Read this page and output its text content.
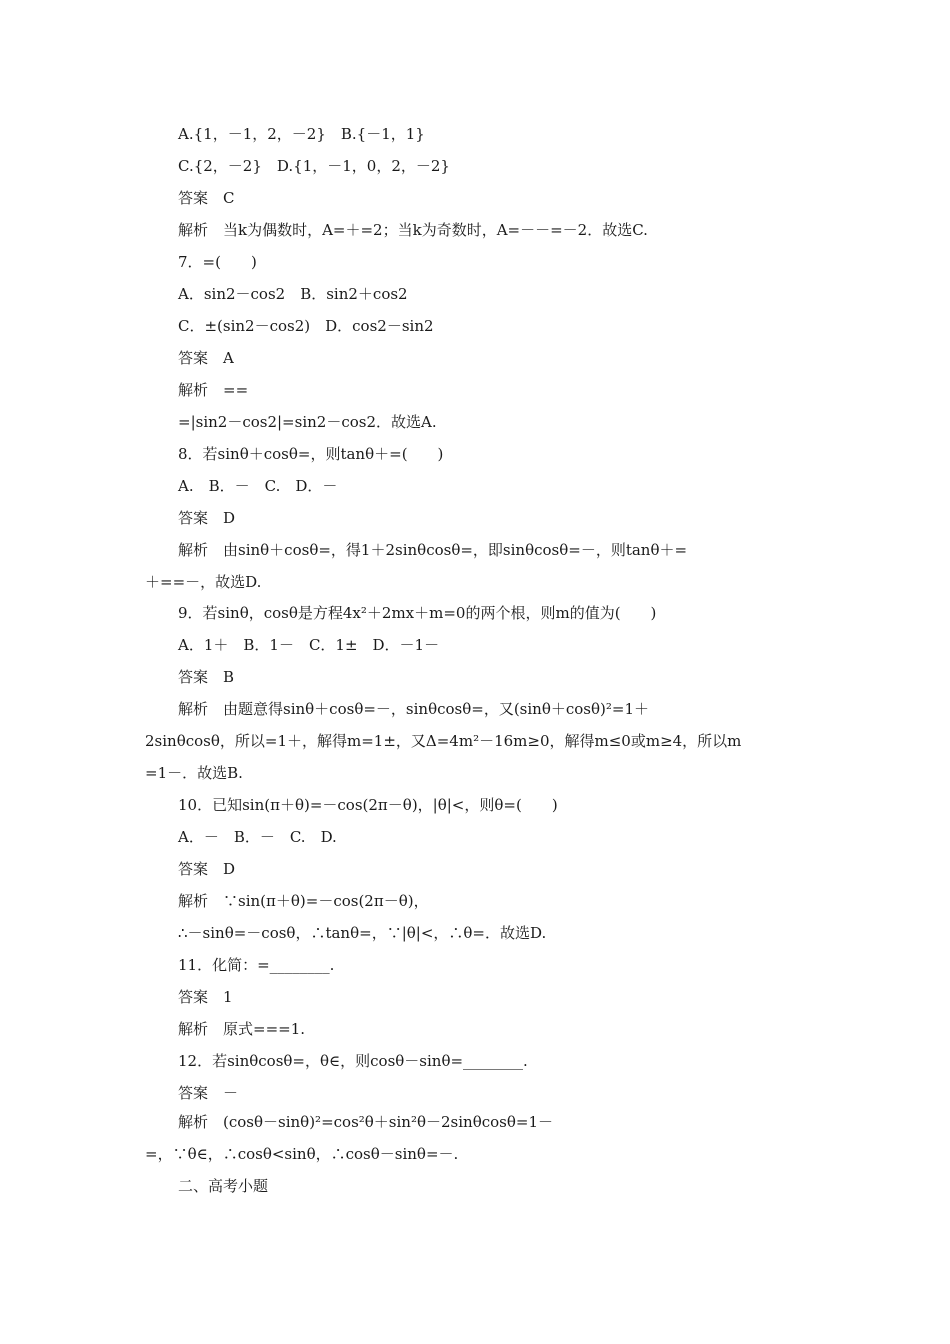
A.{1，－1，2，－2}　B.{－1，1}
C.{2，－2}　D.{1，－1，0，2，－2}
答案　C
解析　当k为偶数时，A=＋=2；当k为奇数时，A=－－=－2．故选C.
7．=(　　)
A．sin2－cos2　B．sin2＋cos2
C．±(sin2－cos2)　D．cos2－sin2
答案　A
解析　==
=|sin2－cos2|=sin2－cos2．故选A.
8．若sinθ＋cosθ=，则tanθ＋=(　　)
A.　B．－　C.　D．－
答案　D
解析　由sinθ＋cosθ=，得1＋2sinθcosθ=，即sinθcosθ=－，则tanθ＋=
＋==－，故选D.
9．若sinθ，cosθ是方程4x²＋2mx＋m=0的两个根，则m的值为(　　)
A．1＋　B．1－　C．1±　D．－1－
答案　B
解析　由题意得sinθ＋cosθ=－，sinθcosθ=，又(sinθ＋cosθ)²=1＋
2sinθcosθ，所以=1＋，解得m=1±，又Δ=4m²－16m≥0，解得m≤0或m≥4，所以m
=1－．故选B.
10．已知sin(π＋θ)=－cos(2π－θ)，|θ|<，则θ=(　　)
A．－　B．－　C.　D.
答案　D
解析　∵sin(π＋θ)=－cos(2π－θ)，
∴－sinθ=－cosθ，∴tanθ=，∵|θ|<，∴θ=．故选D.
11．化简：=________.
答案　1
解析　原式===1.
12．若sinθcosθ=，θ∈，则cosθ－sinθ=________.
答案　－
解析　(cosθ－sinθ)²=cos²θ＋sin²θ－2sinθcosθ=1－
=，∵θ∈，∴cosθ<sinθ，∴cosθ－sinθ=－.
二、高考小题
